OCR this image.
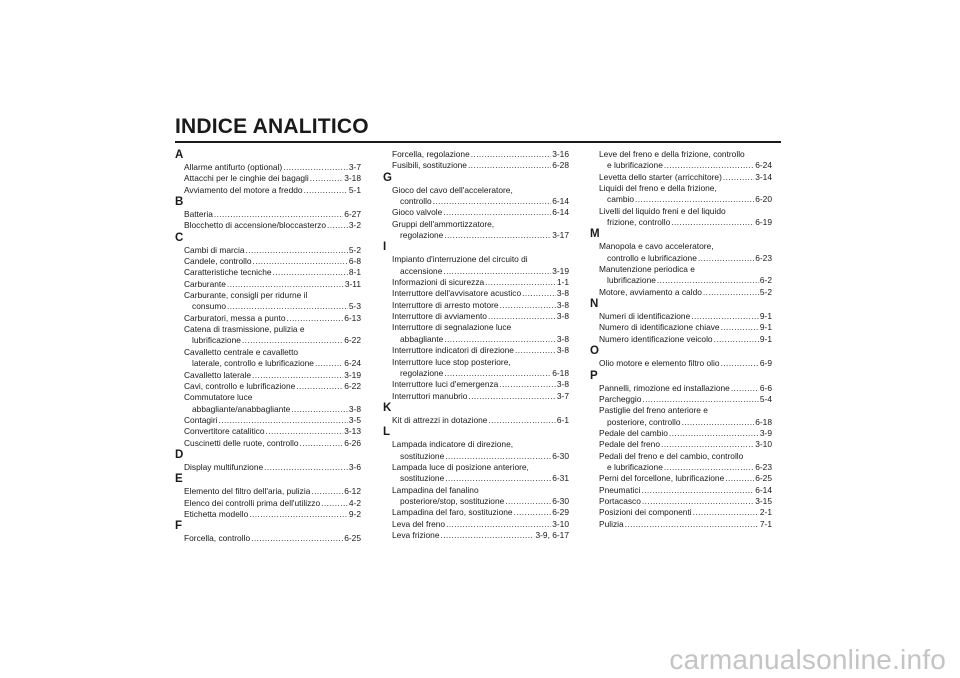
INDICE ANALITICO
A
Allarme antifurto (optional) .....	3-7
Attacchi per le cinghie dei bagagli .....	3-18
Avviamento del motore a freddo .....	5-1
B
Batteria .....	6-27
Blocchetto di accensione/bloccasterzo .....	3-2
C
Cambi di marcia .....	5-2
Candele, controllo .....	6-8
Caratteristiche tecniche .....	8-1
Carburante .....	3-11
Carburante, consigli per ridurne il
consumo .....	5-3
Carburatori, messa a punto .....	6-13
Catena di trasmissione, pulizia e
lubrificazione .....	6-22
Cavalletto centrale e cavalletto
laterale, controllo e lubrificazione .....	6-24
Cavalletto laterale .....	3-19
Cavi, controllo e lubrificazione .....	6-22
Commutatore luce
abbagliante/anabbagliante .....	3-8
Contagiri .....	3-5
Convertitore catalitico .....	3-13
Cuscinetti delle ruote, controllo .....	6-26
D
Display multifunzione .....	3-6
E
Elemento del filtro dell'aria, pulizia .....	6-12
Elenco dei controlli prima dell'utilizzo .....	4-2
Etichetta modello .....	9-2
F
Forcella, controllo .....	6-25
Forcella, regolazione .....	3-16
Fusibili, sostituzione .....	6-28
G
Gioco del cavo dell'acceleratore,
controllo .....	6-14
Gioco valvole .....	6-14
Gruppi dell'ammortizzatore,
regolazione .....	3-17
I
Impianto d'interruzione del circuito di
accensione .....	3-19
Informazioni di sicurezza .....	1-1
Interruttore dell'avvisatore acustico .....	3-8
Interruttore di arresto motore .....	3-8
Interruttore di avviamento .....	3-8
Interruttore di segnalazione luce
abbagliante .....	3-8
Interruttore indicatori di direzione .....	3-8
Interruttore luce stop posteriore,
regolazione .....	6-18
Interruttore luci d'emergenza .....	3-8
Interruttori manubrio .....	3-7
K
Kit di attrezzi in dotazione .....	6-1
L
Lampada indicatore di direzione,
sostituzione .....	6-30
Lampada luce di posizione anteriore,
sostituzione .....	6-31
Lampadina del fanalino
posteriore/stop, sostituzione .....	6-30
Lampadina del faro, sostituzione .....	6-29
Leva del freno .....	3-10
Leva frizione .....	3-9, 6-17
Leve del freno e della frizione, controllo
e lubrificazione .....	6-24
Levetta dello starter (arricchitore) .....	3-14
Liquidi del freno e della frizione,
cambio .....	6-20
Livelli del liquido freni e del liquido
frizione, controllo .....	6-19
M
Manopola e cavo acceleratore,
controllo e lubrificazione .....	6-23
Manutenzione periodica e
lubrificazione .....	6-2
Motore, avviamento a caldo .....	5-2
N
Numeri di identificazione .....	9-1
Numero di identificazione chiave .....	9-1
Numero identificazione veicolo .....	9-1
O
Olio motore e elemento filtro olio .....	6-9
P
Pannelli, rimozione ed installazione .....	6-6
Parcheggio .....	5-4
Pastiglie del freno anteriore e
posteriore, controllo .....	6-18
Pedale del cambio .....	3-9
Pedale del freno .....	3-10
Pedali del freno e del cambio, controllo
e lubrificazione .....	6-23
Perni del forcellone, lubrificazione .....	6-25
Pneumatici .....	6-14
Portacasco .....	3-15
Posizioni dei componenti .....	2-1
Pulizia .....	7-1
carmanualsonline.info
